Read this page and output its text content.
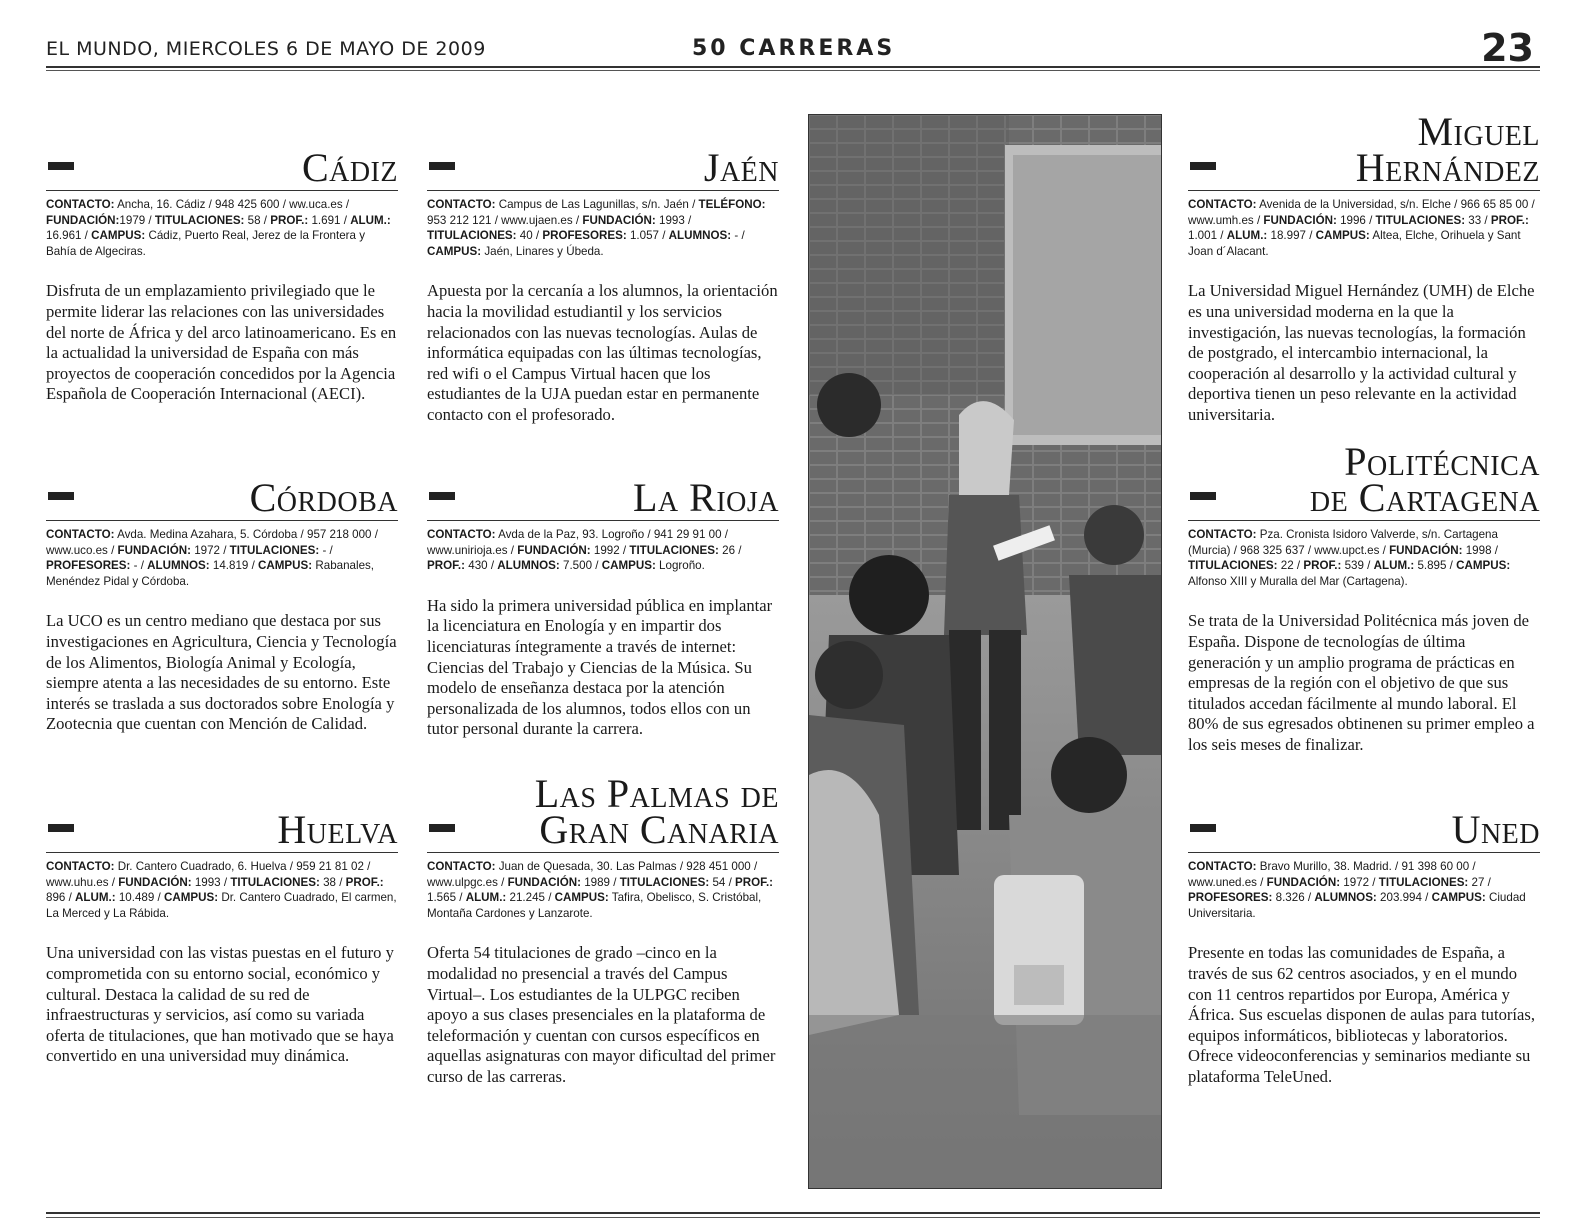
EL MUNDO, MIERCOLES 6 DE MAYO DE 2009	50 CARRERAS	23
Cádiz
CONTACTO: Ancha, 16. Cádiz / 948 425 600 / ww.uca.es / FUNDACIÓN:1979 / TITULACIONES: 58 / PROF.: 1.691 / ALUM.: 16.961 / CAMPUS: Cádiz, Puerto Real, Jerez de la Frontera y Bahía de Algeciras.
Disfruta de un emplazamiento privilegiado que le permite liderar las relaciones con las universidades del norte de África y del arco latinoamericano. Es en la actualidad la universidad de España con más proyectos de cooperación concedidos por la Agencia Española de Cooperación Internacional (AECI).
Córdoba
CONTACTO: Avda. Medina Azahara, 5. Córdoba / 957 218 000 / www.uco.es / FUNDACIÓN: 1972 / TITULACIONES: - / PROFESORES: - / ALUMNOS: 14.819 / CAMPUS: Rabanales, Menéndez Pidal y Córdoba.
La UCO es un centro mediano que destaca por sus investigaciones en Agricultura, Ciencia y Tecnología de los Alimentos, Biología Animal y Ecología, siempre atenta a las necesidades de su entorno. Este interés se traslada a sus doctorados sobre Enología y Zootecnia que cuentan con Mención de Calidad.
Huelva
CONTACTO: Dr. Cantero Cuadrado, 6. Huelva / 959 21 81 02 / www.uhu.es / FUNDACIÓN: 1993 / TITULACIONES: 38 / PROF.: 896 / ALUM.: 10.489 / CAMPUS: Dr. Cantero Cuadrado, El carmen, La Merced y La Rábida.
Una universidad con las vistas puestas en el futuro y comprometida con su entorno social, económico y cultural. Destaca la calidad de su red de infraestructuras y servicios, así como su variada oferta de titulaciones, que han motivado que se haya convertido en una universidad muy dinámica.
Jaén
CONTACTO: Campus de Las Lagunillas, s/n. Jaén / TELÉFONO: 953 212 121 / www.ujaen.es / FUNDACIÓN: 1993 / TITULACIONES: 40 / PROFESORES: 1.057 / ALUMNOS: - / CAMPUS: Jaén, Linares y Úbeda.
Apuesta por la cercanía a los alumnos, la orientación hacia la movilidad estudiantil y los servicios relacionados con las nuevas tecnologías. Aulas de informática equipadas con las últimas tecnologías, red wifi o el Campus Virtual hacen que los estudiantes de la UJA puedan estar en permanente contacto con el profesorado.
La Rioja
CONTACTO: Avda de la Paz, 93. Logroño / 941 29 91 00 / www.unirioja.es / FUNDACIÓN: 1992 / TITULACIONES: 26 / PROF.: 430 / ALUMNOS: 7.500 / CAMPUS: Logroño.
Ha sido la primera universidad pública en implantar la licenciatura en Enología y en impartir dos licenciaturas íntegramente a través de internet: Ciencias del Trabajo y Ciencias de la Música. Su modelo de enseñanza destaca por la atención personalizada de los alumnos, todos ellos con un tutor personal durante la carrera.
Las Palmas de
Gran Canaria
CONTACTO: Juan de Quesada, 30. Las Palmas / 928 451 000 / www.ulpgc.es / FUNDACIÓN: 1989 / TITULACIONES: 54 / PROF.: 1.565 / ALUM.: 21.245 / CAMPUS: Tafira, Obelisco, S. Cristóbal, Montaña Cardones y Lanzarote.
Oferta 54 titulaciones de grado –cinco en la modalidad no presencial a través del Campus Virtual–. Los estudiantes de la ULPGC reciben apoyo a sus clases presenciales en la plataforma de teleformación y cuentan con cursos específicos en aquellas asignaturas con mayor dificultad del primer curso de las carreras.
Miguel
Hernández
CONTACTO: Avenida de la Universidad, s/n. Elche / 966 65 85 00 / www.umh.es / FUNDACIÓN: 1996 / TITULACIONES: 33 / PROF.: 1.001 / ALUM.: 18.997 / CAMPUS: Altea, Elche, Orihuela y Sant Joan d´Alacant.
La Universidad Miguel Hernández (UMH) de Elche es una universidad moderna en la que la investigación, las nuevas tecnologías, la formación de postgrado, el intercambio internacional, la cooperación al desarrollo y la actividad cultural y deportiva tienen un peso relevante en la actividad universitaria.
Politécnica
de Cartagena
CONTACTO: Pza. Cronista Isidoro Valverde, s/n. Cartagena (Murcia) / 968 325 637 / www.upct.es / FUNDACIÓN: 1998 / TITULACIONES: 22 / PROF.: 539 / ALUM.: 5.895 / CAMPUS: Alfonso XIII y Muralla del Mar (Cartagena).
Se trata de la Universidad Politécnica más joven de España. Dispone de tecnologías de última generación y un amplio programa de prácticas en empresas de la región con el objetivo de que sus titulados accedan fácilmente al mundo laboral. El 80% de sus egresados obtinenen su primer empleo a los seis meses de finalizar.
Uned
CONTACTO: Bravo Murillo, 38. Madrid. / 91 398 60 00 / www.uned.es / FUNDACIÓN: 1972 / TITULACIONES: 27 / PROFESORES: 8.326 / ALUMNOS: 203.994 / CAMPUS: Ciudad Universitaria.
Presente en todas las comunidades de España, a través de sus 62 centros asociados, y en el mundo con 11 centros repartidos por Europa, América y África. Sus escuelas disponen de aulas para tutorías, equipos informáticos, bibliotecas y laboratorios. Ofrece videoconferencias y seminarios mediante su plataforma TeleUned.
